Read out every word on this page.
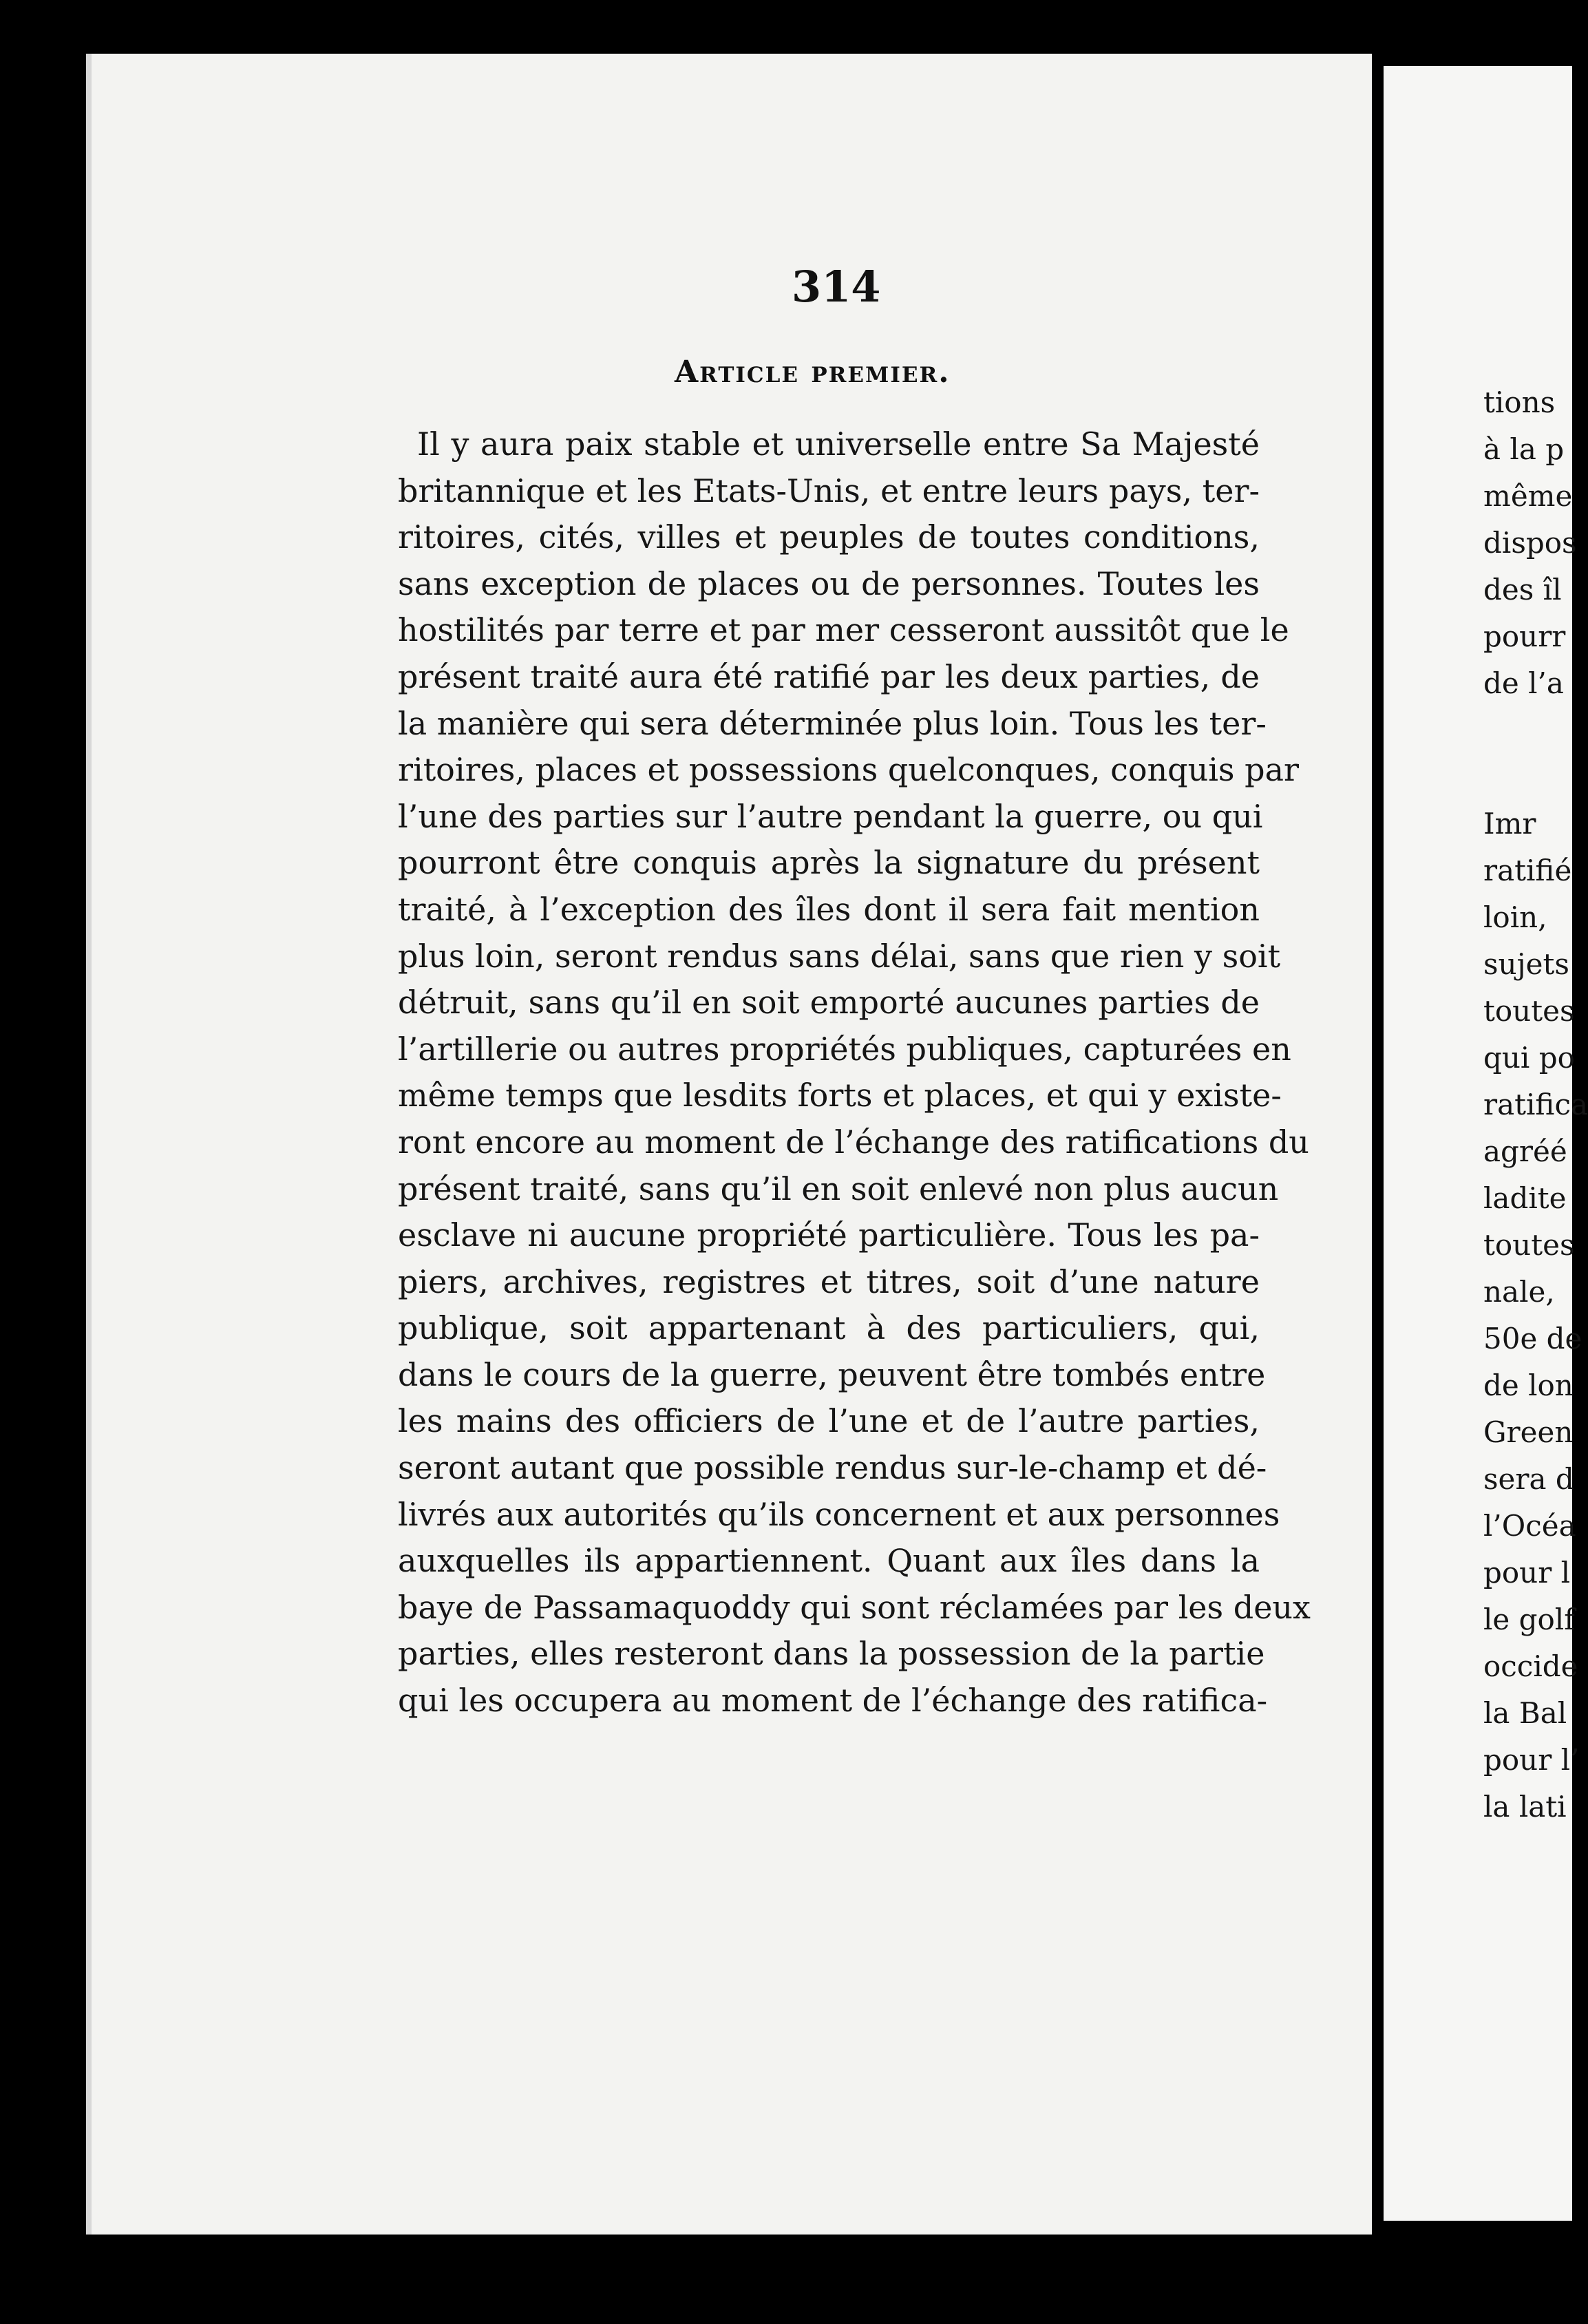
314
Article premier.
Il y aura paix stable et universelle entre Sa Majesté
britannique et les Etats-Unis, et entre leurs pays, ter-
ritoires, cités, villes et peuples de toutes conditions,
sans exception de places ou de personnes. Toutes les
hostilités par terre et par mer cesseront aussitôt que le
présent traité aura été ratifié par les deux parties, de
la manière qui sera déterminée plus loin. Tous les ter-
ritoires, places et possessions quelconques, conquis par
l’une des parties sur l’autre pendant la guerre, ou qui
pourront être conquis après la signature du présent
traité, à l’exception des îles dont il sera fait mention
plus loin, seront rendus sans délai, sans que rien y soit
détruit, sans qu’il en soit emporté aucunes parties de
l’artillerie ou autres propriétés publiques, capturées en
même temps que lesdits forts et places, et qui y existe-
ront encore au moment de l’échange des ratifications du
présent traité, sans qu’il en soit enlevé non plus aucun
esclave ni aucune propriété particulière. Tous les pa-
piers, archives, registres et titres, soit d’une nature
publique, soit appartenant à des particuliers, qui,
dans le cours de la guerre, peuvent être tombés entre
les mains des officiers de l’une et de l’autre parties,
seront autant que possible rendus sur-le-champ et dé-
livrés aux autorités qu’ils concernent et aux personnes
auxquelles ils appartiennent. Quant aux îles dans la
baye de Passamaquoddy qui sont réclamées par les deux
parties, elles resteront dans la possession de la partie
qui les occupera au moment de l’échange des ratifica-
tions
à la p
même
dispos
des îl
pourr
de l’a
Imr
ratifié
loin,
sujets
toutes
qui po
ratifica
agréé
ladite
toutes
nale,
50e de
de lon
Green
sera d
l’Océa
pour l
le golf
occide
la Bal
pour l’
la lati
